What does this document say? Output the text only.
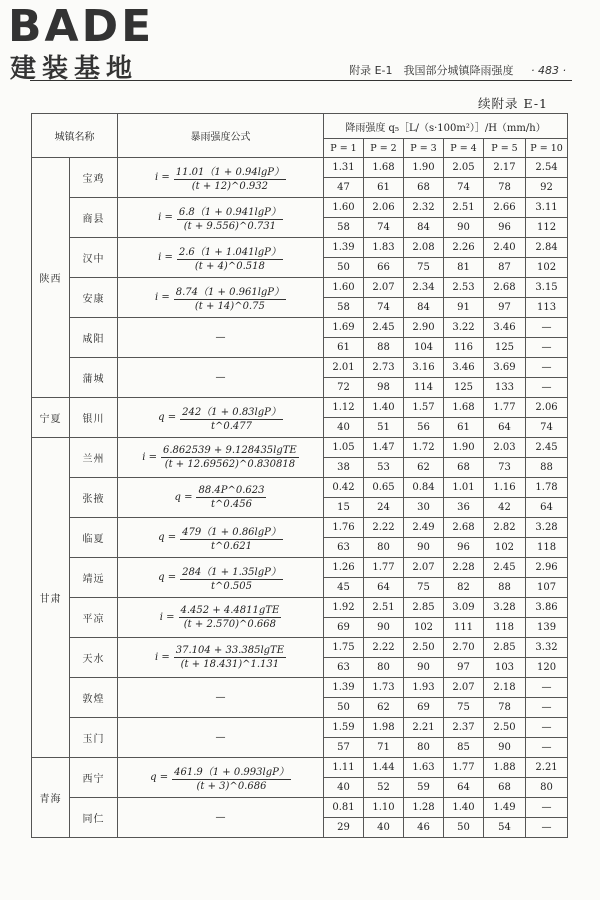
BADE
建装基地	附录 E-1　我国部分城镇降雨强度 · 483 ·
续附录 E-1
城镇名称		暴雨强度公式	降雨强度 q₅［L/（s·100m²）］/H（mm/h）					
			P = 1	P = 2	P = 3	P = 4	P = 5	P = 10
陕西	宝鸡	$i = \frac{11.01(1 + 0.94\lg P)}{(t + 12)\^{}0.932}$	1.31	1.68	1.90	2.05	2.17	2.54
			47	61	68	74	78	92
	商县	$i = \frac{6.8(1 + 0.941\lg P)}{(t + 9.556)\^{}0.731}$	1.60	2.06	2.32	2.51	2.66	3.11
			58	74	84	90	96	112
	汉中	$i = \frac{2.6(1 + 1.041\lg P)}{(t + 4)\^{}0.518}$	1.39	1.83	2.08	2.26	2.40	2.84
			50	66	75	81	87	102
	安康	$i = \frac{8.74(1 + 0.961\lg P)}{(t + 14)\^{}0.75}$	1.60	2.07	2.34	2.53	2.68	3.15
			58	74	84	91	97	113
	咸阳	—	1.69	2.45	2.90	3.22	3.46	—
			61	88	104	116	125	—
	蒲城	—	2.01	2.73	3.16	3.46	3.69	—
			72	98	114	125	133	—
宁夏	银川	$q = \frac{242(1 + 0.83\lg P)}{t\^{}0.477}$	1.12	1.40	1.57	1.68	1.77	2.06
			40	51	56	61	64	74
甘肃	兰州	$i = \frac{\text{6.862539 + 9.128435lgTE}}{(t + 12.69562)\^{}0.830818}$	1.05	1.47	1.72	1.90	2.03	2.45
			38	53	62	68	73	88
	张掖	$q = \frac{88.4P\^{}0.623}{t\^{}0.456}$	0.42	0.65	0.84	1.01	1.16	1.78
			15	24	30	36	42	64
	临夏	$q = \frac{479(1 + 0.86\lg P)}{t\^{}0.621}$	1.76	2.22	2.49	2.68	2.82	3.28
			63	80	90	96	102	118
	靖远	$q = \frac{284(1 + 1.35\lg P)}{t\^{}0.505}$	1.26	1.77	2.07	2.28	2.45	2.96
			45	64	75	82	88	107
	平凉	$i = \frac{\text{4.452 + 4.4811gTE}}{(t + 2.570)\^{}0.668}$	1.92	2.51	2.85	3.09	3.28	3.86
			69	90	102	111	118	139
	天水	$i = \frac{\text{37.104 + 33.385lgTE}}{(t + 18.431)\^{}1.131}$	1.75	2.22	2.50	2.70	2.85	3.32
			63	80	90	97	103	120
	敦煌	—	1.39	1.73	1.93	2.07	2.18	—
			50	62	69	75	78	—
	玉门	—	1.59	1.98	2.21	2.37	2.50	—
			57	71	80	85	90	—
青海	西宁	$q = \frac{461.9(1 + 0.993\lg P)}{(t + 3)\^{}0.686}$	1.11	1.44	1.63	1.77	1.88	2.21
			40	52	59	64	68	80
	同仁	—	0.81	1.10	1.28	1.40	1.49	—
			29	40	46	50	54	—
